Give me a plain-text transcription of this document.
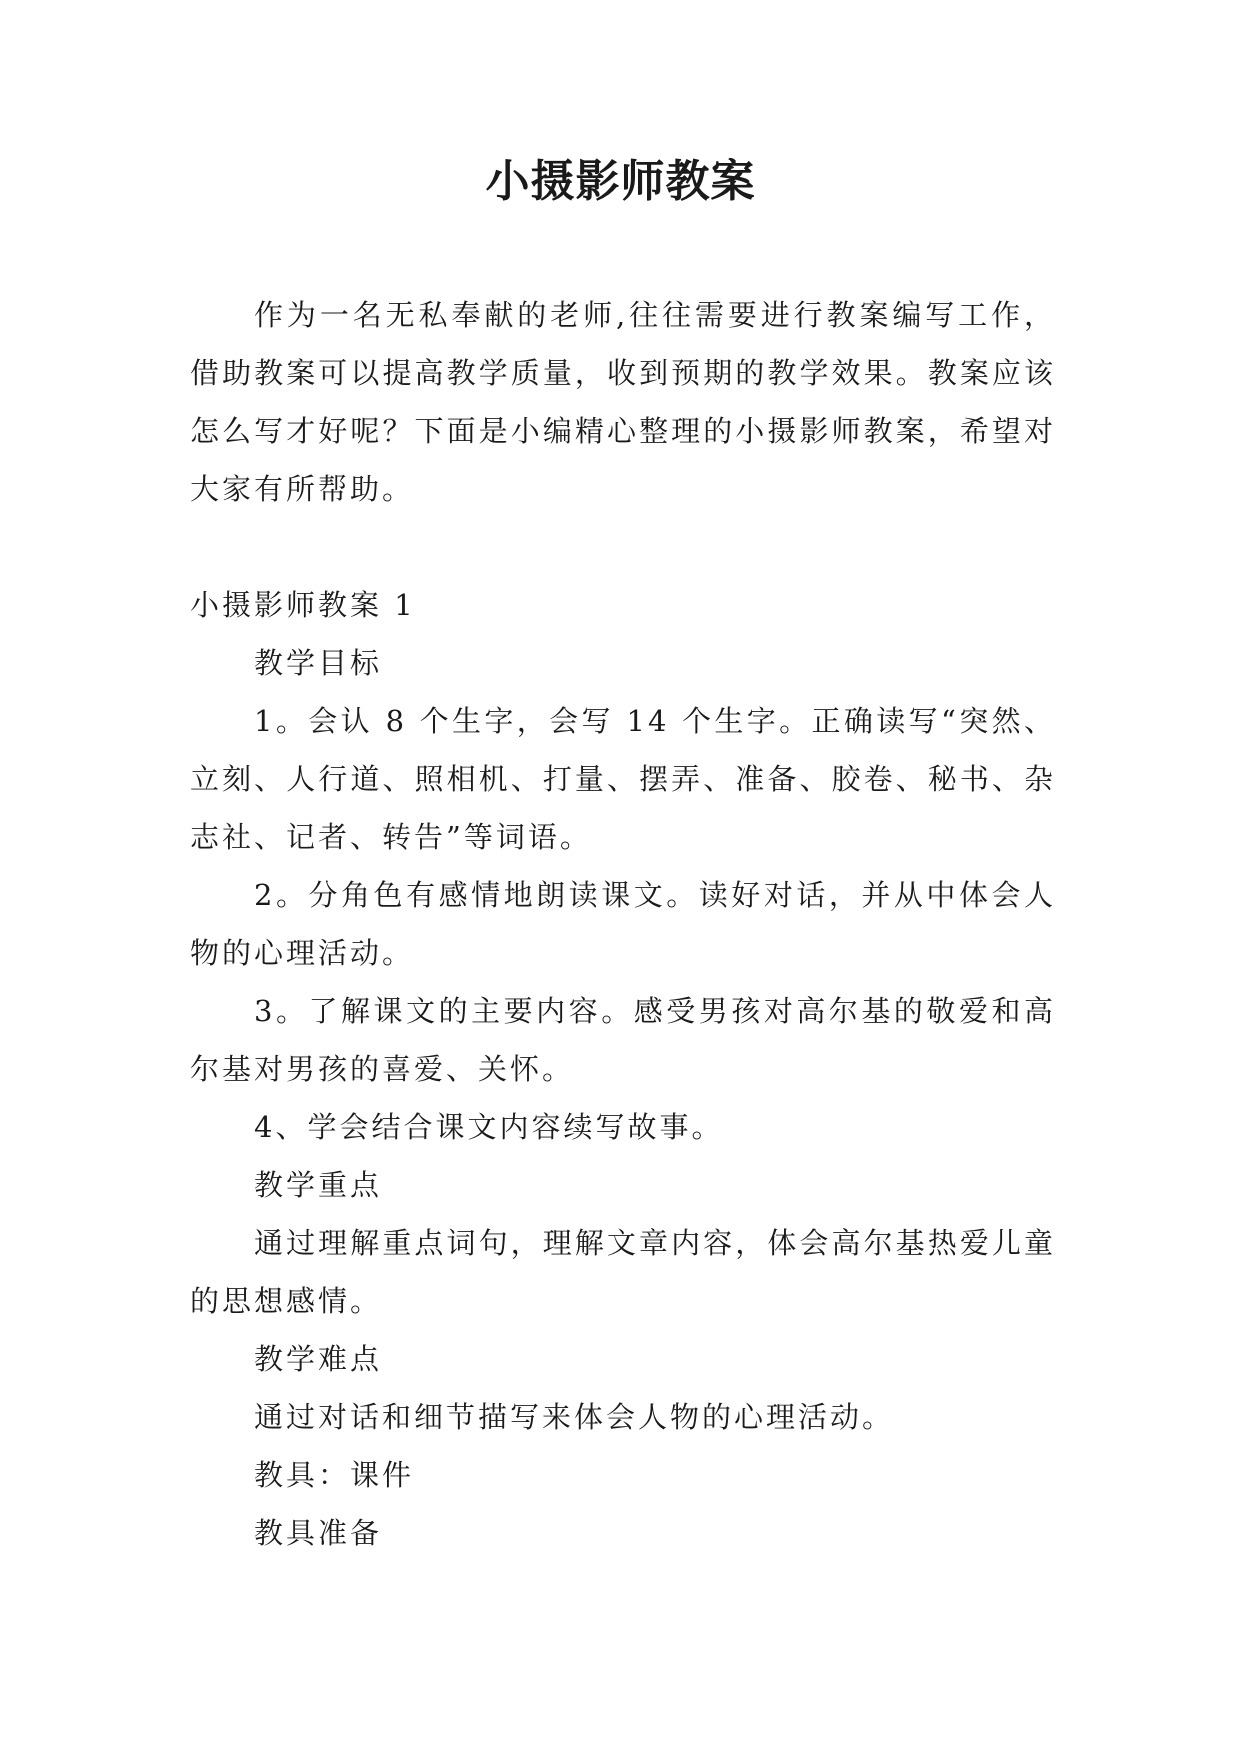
小摄影师教案

作为一名无私奉献的老师,往往需要进行教案编写工作，借助教案可以提高教学质量，收到预期的教学效果。教案应该怎么写才好呢？下面是小编精心整理的小摄影师教案，希望对大家有所帮助。

小摄影师教案 1

教学目标

1。会认 8 个生字，会写 14 个生字。正确读写“突然、立刻、人行道、照相机、打量、摆弄、准备、胶卷、秘书、杂志社、记者、转告”等词语。

2。分角色有感情地朗读课文。读好对话，并从中体会人物的心理活动。

3。了解课文的主要内容。感受男孩对高尔基的敬爱和高尔基对男孩的喜爱、关怀。

4、学会结合课文内容续写故事。

教学重点

通过理解重点词句，理解文章内容，体会高尔基热爱儿童的思想感情。

教学难点

通过对话和细节描写来体会人物的心理活动。

教具：课件

教具准备
